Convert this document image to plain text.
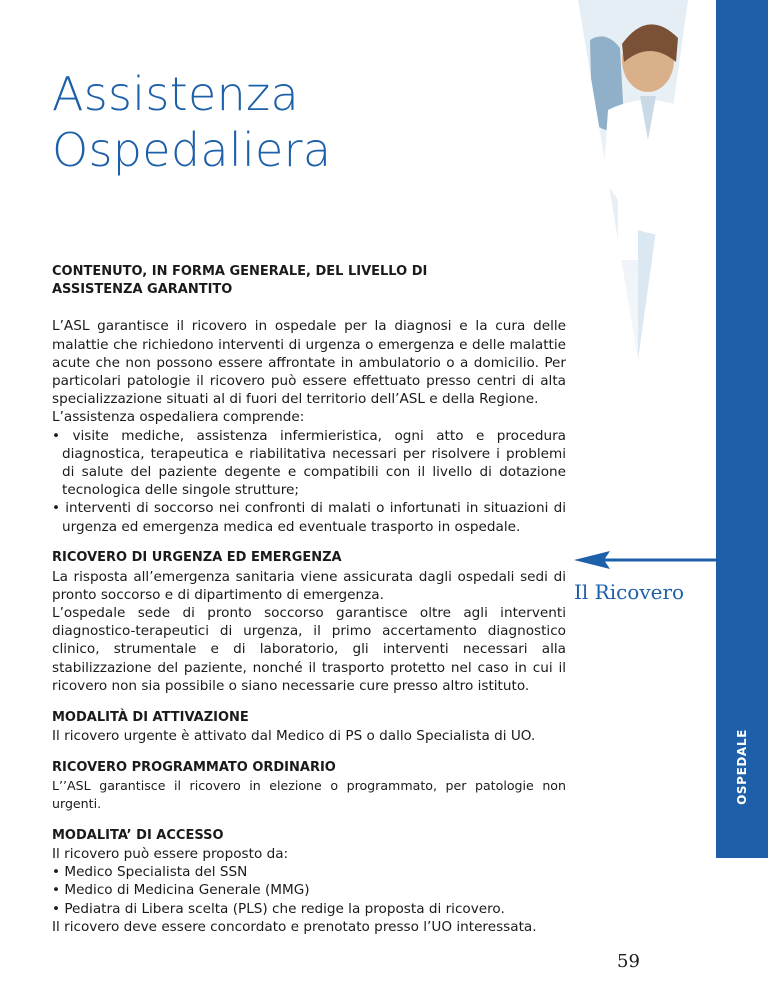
Assistenza
Ospedaliera
OSPEDALE

Il Ricovero

CONTENUTO, IN FORMA GENERALE, DEL LIVELLO DI
ASSISTENZA GARANTITO

L’ASL garantisce il ricovero in ospedale per la diagnosi e la cura delle malattie che richiedono interventi di urgenza o emergenza e delle malattie acute che non possono essere affrontate in ambulatorio o a domicilio. Per particolari patologie il ricovero può essere effettuato presso centri di alta specializzazione situati al di fuori del territorio dell’ASL e della Regione.

L’assistenza ospedaliera comprende:

• visite mediche, assistenza infermieristica, ogni atto e procedura diagnostica, terapeutica e riabilitativa necessari per risolvere i problemi di salute del paziente degente e compatibili con il livello di dotazione tecnologica delle singole strutture;
• interventi di soccorso nei confronti di malati o infortunati in situazioni di urgenza ed emergenza medica ed eventuale trasporto in ospedale.
RICOVERO DI URGENZA ED EMERGENZA

La risposta all’emergenza sanitaria viene assicurata dagli ospedali sedi di pronto soccorso e di dipartimento di emergenza.

L’ospedale sede di pronto soccorso garantisce oltre agli interventi diagnostico-terapeutici di urgenza, il primo accertamento diagnostico clinico, strumentale e di laboratorio, gli interventi necessari alla stabilizzazione del paziente, nonché il trasporto protetto nel caso in cui il ricovero non sia possibile o siano necessarie cure presso altro istituto.

MODALITÀ DI ATTIVAZIONE

Il ricovero urgente è attivato dal Medico di PS o dallo Specialista di UO.

RICOVERO PROGRAMMATO ORDINARIO

L’’ASL garantisce il ricovero in elezione o programmato, per patologie non urgenti.

MODALITA’ DI ACCESSO

Il ricovero può essere proposto da:

• Medico Specialista del SSN
• Medico di Medicina Generale (MMG)
• Pediatra di Libera scelta (PLS) che redige la proposta di ricovero.

Il ricovero deve essere concordato e prenotato presso l’UO interessata.

59
